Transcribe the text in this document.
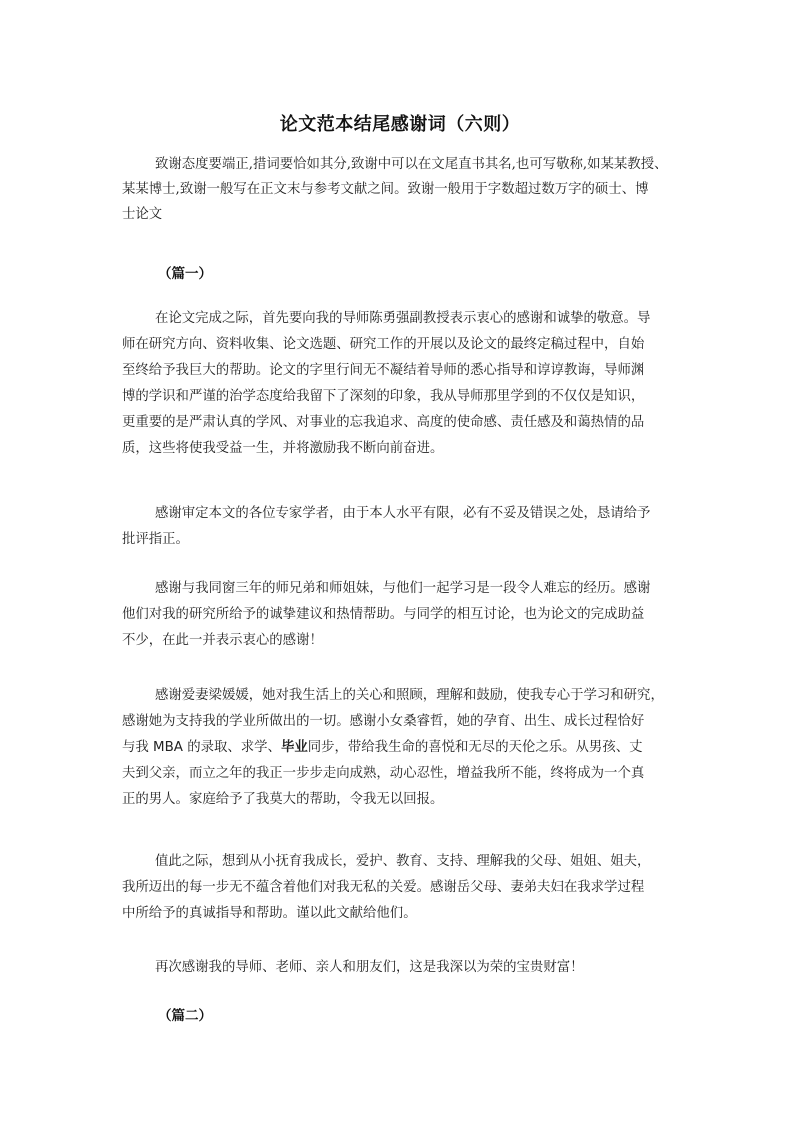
论文范本结尾感谢词（六则）
致谢态度要端正,措词要恰如其分,致谢中可以在文尾直书其名,也可写敬称,如某某教授、
某某博士,致谢一般写在正文末与参考文献之间。致谢一般用于字数超过数万字的硕士、博
士论文
（篇一）
在论文完成之际，首先要向我的导师陈勇强副教授表示衷心的感谢和诚挚的敬意。导
师在研究方向、资料收集、论文选题、研究工作的开展以及论文的最终定稿过程中，自始
至终给予我巨大的帮助。论文的字里行间无不凝结着导师的悉心指导和谆谆教诲，导师渊
博的学识和严谨的治学态度给我留下了深刻的印象，我从导师那里学到的不仅仅是知识，
更重要的是严肃认真的学风、对事业的忘我追求、高度的使命感、责任感及和蔼热情的品
质，这些将使我受益一生，并将激励我不断向前奋进。
感谢审定本文的各位专家学者，由于本人水平有限，必有不妥及错误之处，恳请给予
批评指正。
感谢与我同窗三年的师兄弟和师姐妹，与他们一起学习是一段令人难忘的经历。感谢
他们对我的研究所给予的诚挚建议和热情帮助。与同学的相互讨论，也为论文的完成助益
不少，在此一并表示衷心的感谢！
感谢爱妻梁媛媛，她对我生活上的关心和照顾，理解和鼓励，使我专心于学习和研究，
感谢她为支持我的学业所做出的一切。感谢小女桑睿哲，她的孕育、出生、成长过程恰好
与我 MBA 的录取、求学、毕业同步，带给我生命的喜悦和无尽的天伦之乐。从男孩、丈
夫到父亲，而立之年的我正一步步走向成熟，动心忍性，增益我所不能，终将成为一个真
正的男人。家庭给予了我莫大的帮助，令我无以回报。
值此之际，想到从小抚育我成长，爱护、教育、支持、理解我的父母、姐姐、姐夫，
我所迈出的每一步无不蕴含着他们对我无私的关爱。感谢岳父母、妻弟夫妇在我求学过程
中所给予的真诚指导和帮助。谨以此文献给他们。
再次感谢我的导师、老师、亲人和朋友们，这是我深以为荣的宝贵财富！
（篇二）
